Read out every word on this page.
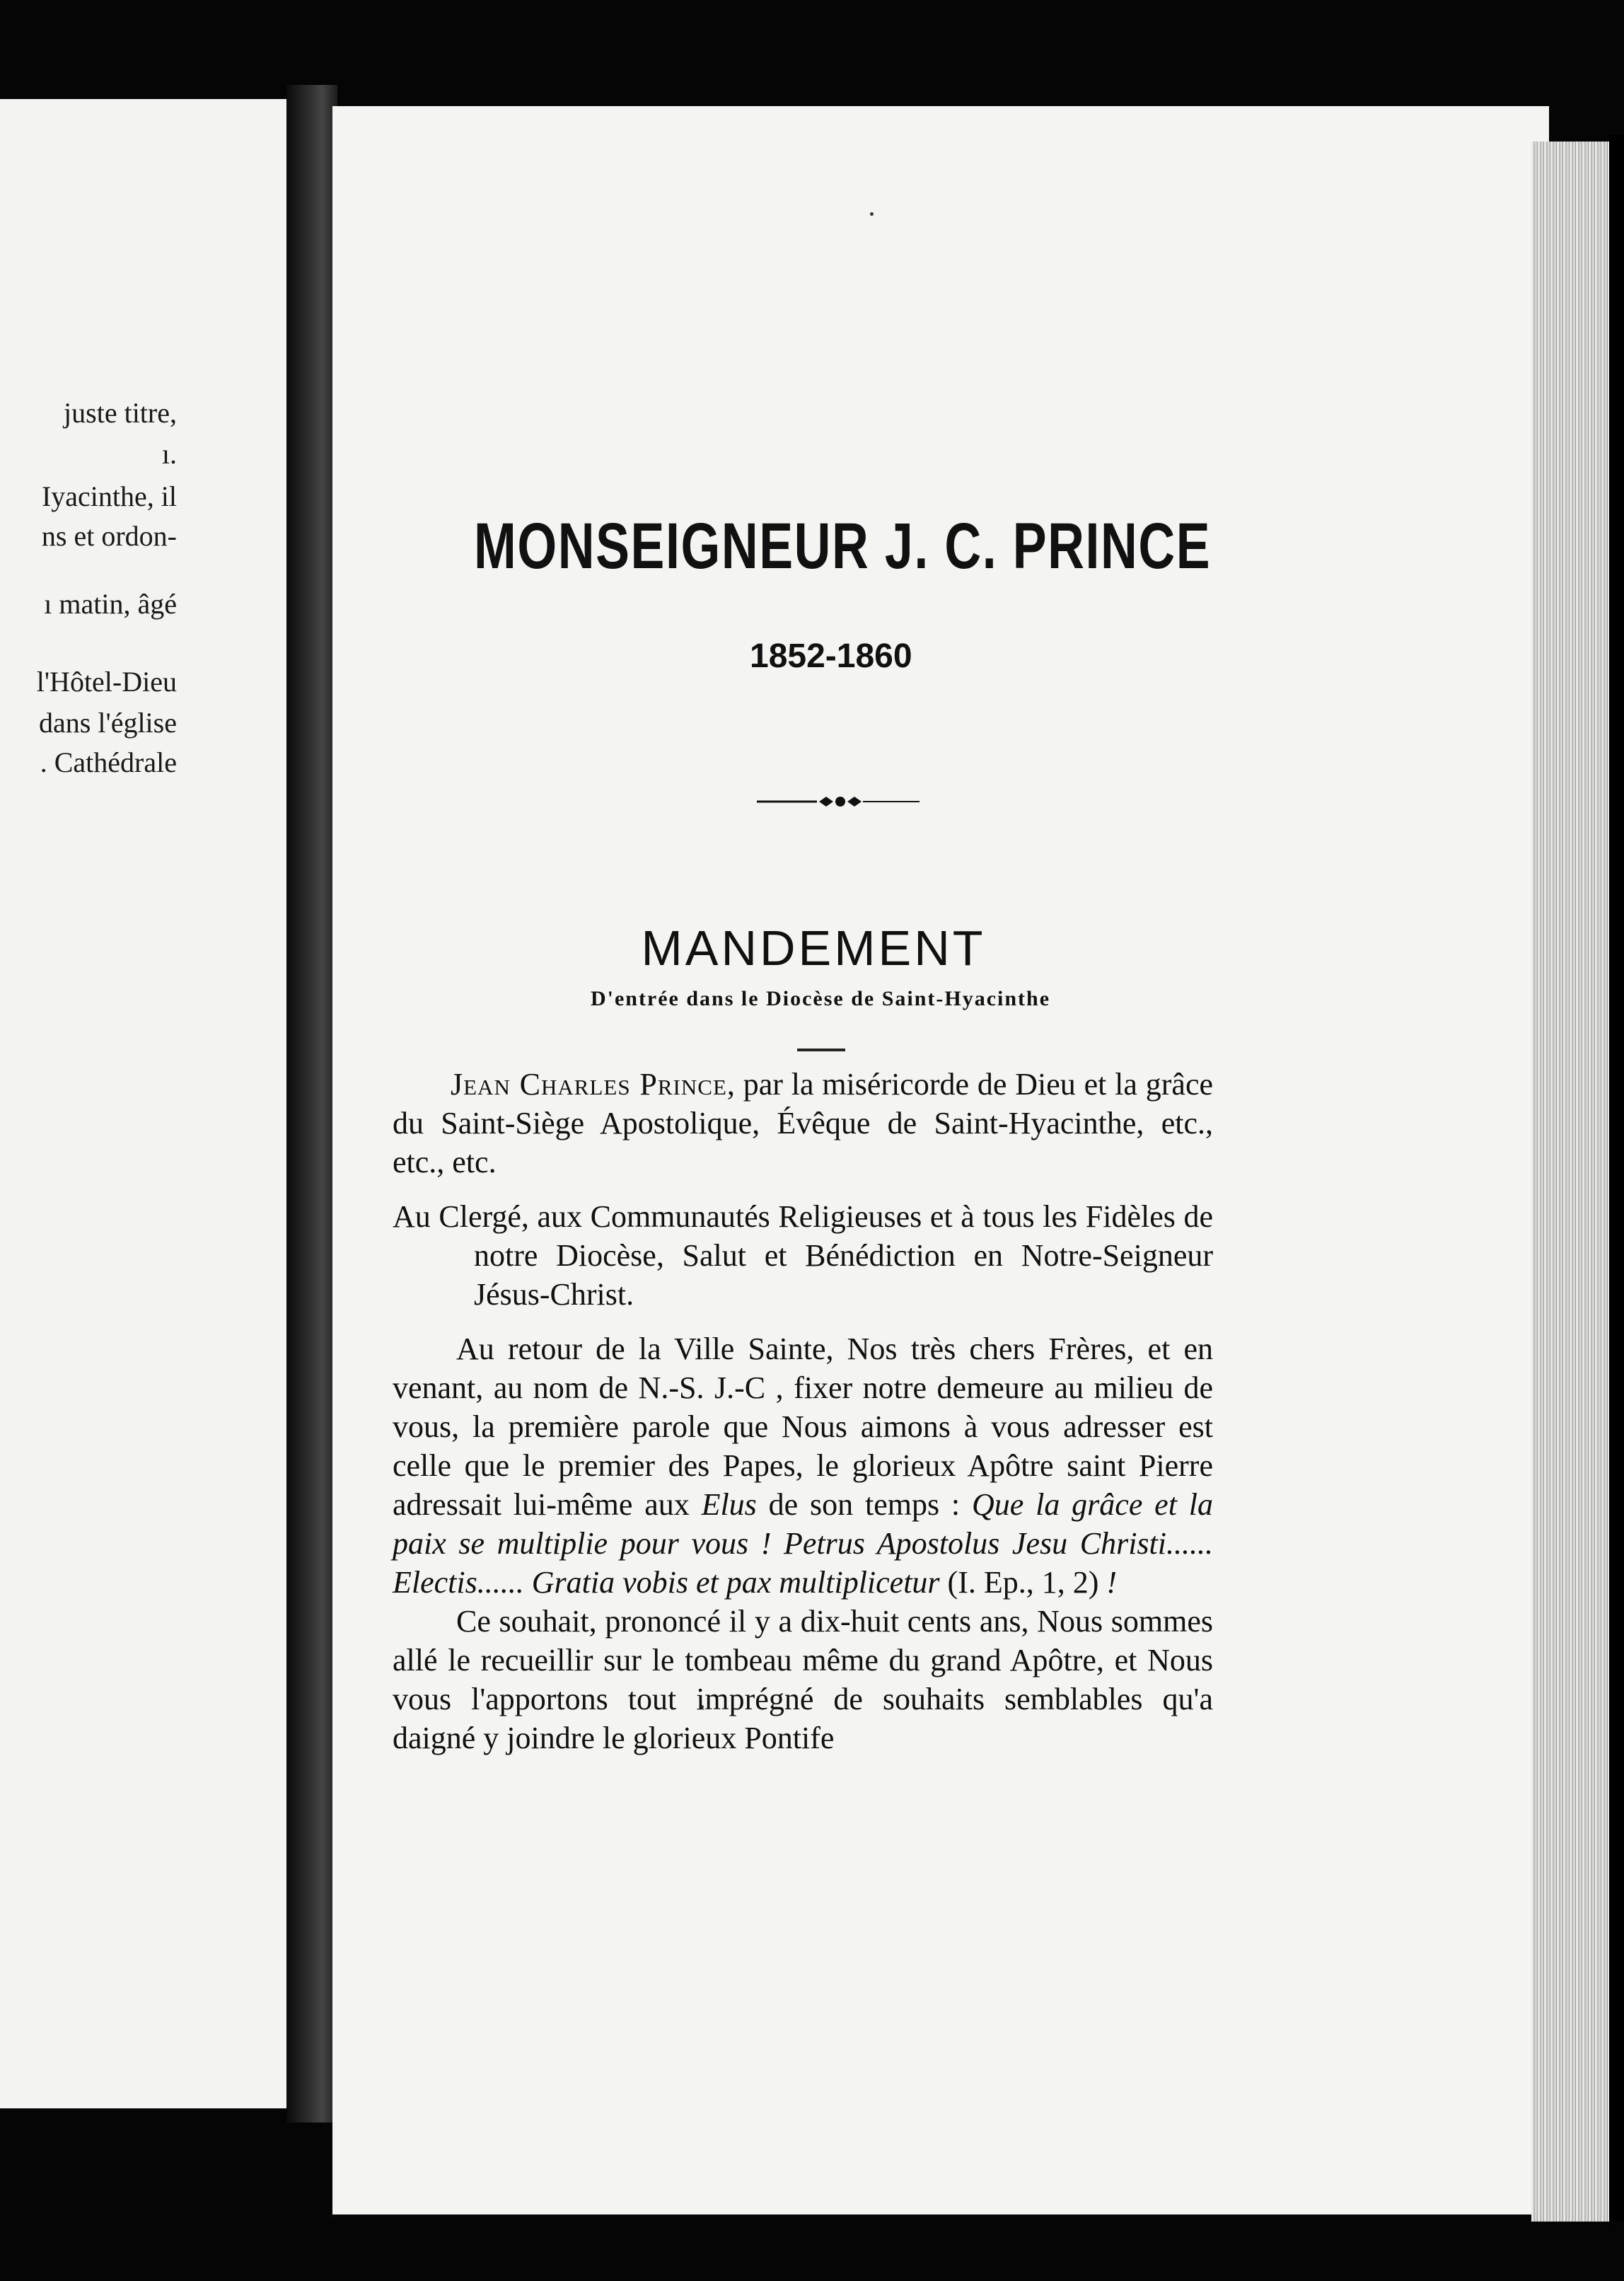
juste titre,
ı.
Iyacinthe, il
ns et ordon-
ı matin, âgé
l'Hôtel-Dieu
dans l'église
. Cathédrale
MONSEIGNEUR J. C. PRINCE
1852-1860
MANDEMENT
D'entrée dans le Diocèse de Saint-Hyacinthe

Jean Charles Prince, par la miséricorde de Dieu et la grâce du Saint-Siège Apostolique, Évêque de Saint-Hyacinthe, etc., etc., etc.

Au Clergé, aux Communautés Religieuses et à tous les Fidèles de notre Diocèse, Salut et Bénédiction en Notre-Seigneur Jésus-Christ.

Au retour de la Ville Sainte, Nos très chers Frères, et en venant, au nom de N.-S. J.-C , fixer notre demeure au milieu de vous, la première parole que Nous aimons à vous adresser est celle que le premier des Papes, le glorieux Apôtre saint Pierre adressait lui-même aux Elus de son temps : Que la grâce et la paix se multiplie pour vous ! Petrus Apostolus Jesu Christi...... Electis...... Gratia vobis et pax multiplicetur (I. Ep., 1, 2) !

Ce souhait, prononcé il y a dix-huit cents ans, Nous sommes allé le recueillir sur le tombeau même du grand Apôtre, et Nous vous l'apportons tout imprégné de souhaits semblables qu'a daigné y joindre le glorieux Pontife
